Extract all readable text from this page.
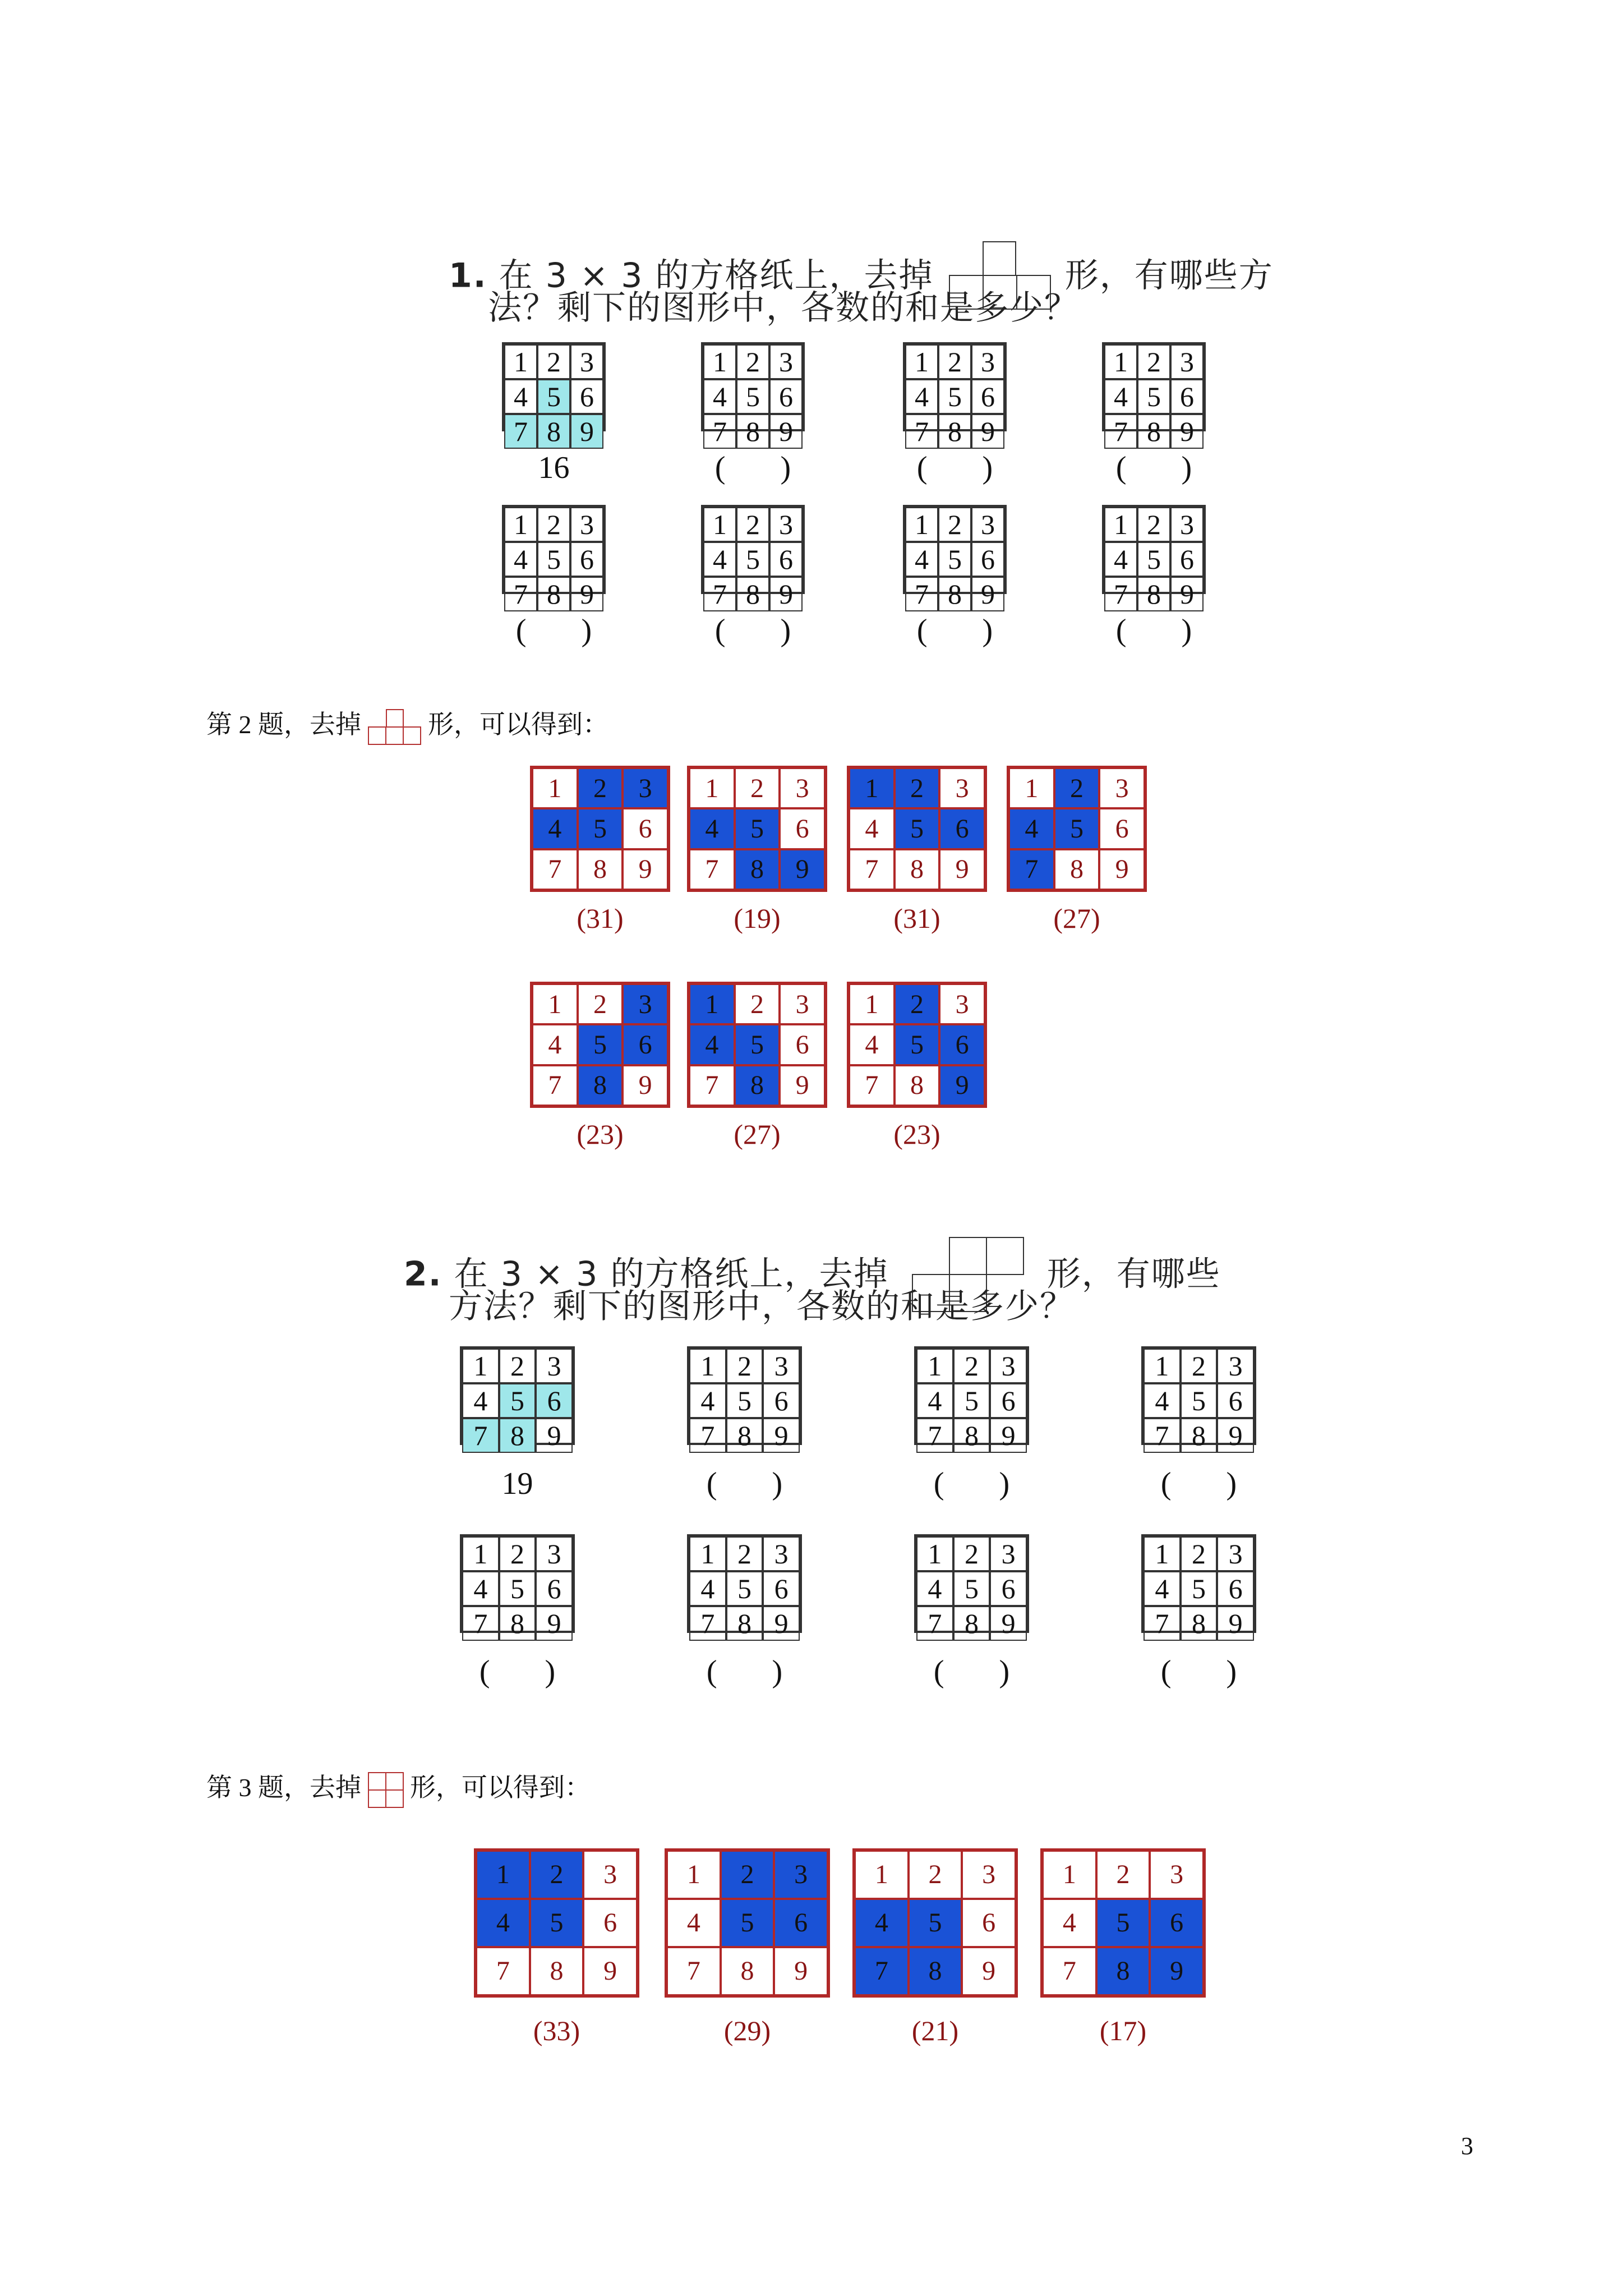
1. 在 3 × 3 的方格纸上，去掉	形，有哪些方
法？剩下的图形中，各数的和是多少？
1 2 3
4 5 6
7 8 9
16
1 2 3
4 5 6
7 8 9
(       )
1 2 3
4 5 6
7 8 9
(       )
1 2 3
4 5 6
7 8 9
(       )
1 2 3
4 5 6
7 8 9
(       )
1 2 3
4 5 6
7 8 9
(       )
1 2 3
4 5 6
7 8 9
(       )
1 2 3
4 5 6
7 8 9
(       )
第 2 题，去掉	形，可以得到：
1	2	3
4	5	6
7	8	9
(31)
1	2	3
4	5	6
7	8	9
(19)
1	2	3
4	5	6
7	8	9
(31)
1	2	3
4	5	6
7	8	9
(27)
1	2	3
4	5	6
7	8	9
(23)
1	2	3
4	5	6
7	8	9
(27)
1	2	3
4	5	6
7	8	9
(23)
2. 在 3 × 3 的方格纸上，去掉	形，有哪些
方法？剩下的图形中，各数的和是多少？
1 2 3
4 5 6
7 8 9
19
1 2 3
4 5 6
7 8 9
(       )
1 2 3
4 5 6
7 8 9
(       )
1 2 3
4 5 6
7 8 9
(       )
1 2 3
4 5 6
7 8 9
(       )
1 2 3
4 5 6
7 8 9
(       )
1 2 3
4 5 6
7 8 9
(       )
1 2 3
4 5 6
7 8 9
(       )
第 3 题，去掉 形，可以得到：
1	2	3
4	5	6
7	8	9
(33)
1	2	3
4	5	6
7	8	9
(29)
1	2	3
4	5	6
7	8	9
(21)
1	2	3
4	5	6
7	8	9
(17)
3
